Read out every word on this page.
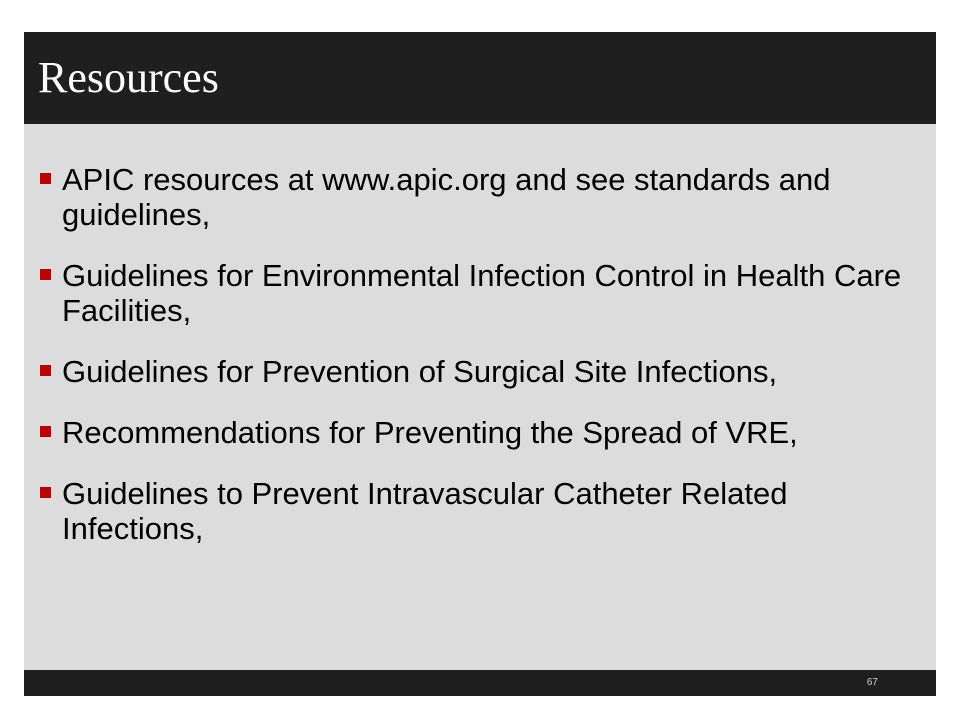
Resources
APIC resources at www.apic.org and see standards and guidelines,
Guidelines for Environmental Infection Control in Health Care Facilities,
Guidelines for Prevention of Surgical Site Infections,
Recommendations for Preventing the Spread of VRE,
Guidelines to Prevent Intravascular Catheter Related Infections,
67
